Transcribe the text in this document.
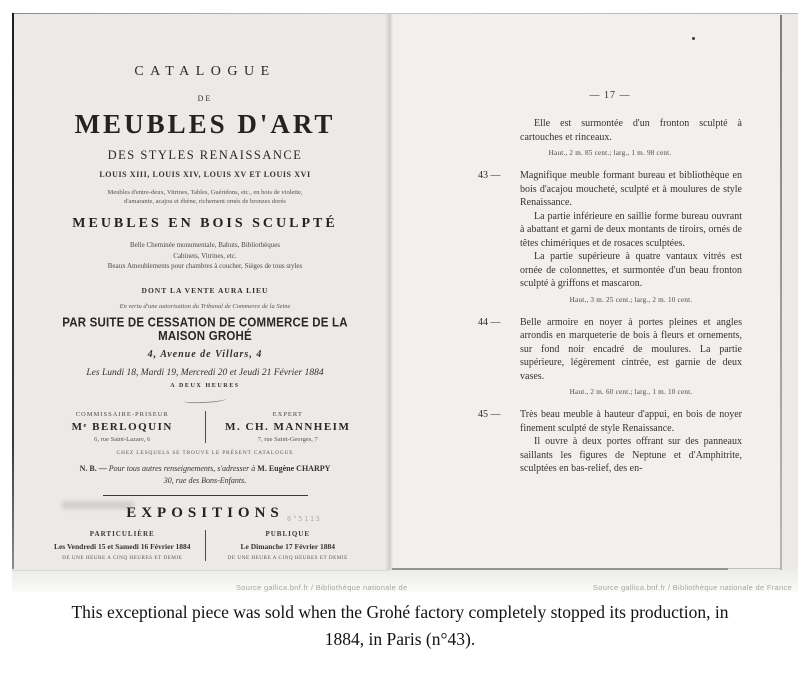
6°5113
CATALOGUE
DE
MEUBLES D'ART
DES STYLES RENAISSANCE
LOUIS XIII, LOUIS XIV, LOUIS XV ET LOUIS XVI
Meubles d'entre-deux, Vitrines, Tables, Guéridons, etc., en bois de violette,
d'amarante, acajou et ébène, richement ornés de bronzes dorés
MEUBLES EN BOIS SCULPTÉ
Belle Cheminée monumentale, Bahuts, Bibliothèques
Cabinets, Vitrines, etc.
Beaux Ameublements pour chambres à coucher, Sièges de tous styles
DONT LA VENTE AURA LIEU
En vertu d'une autorisation du Tribunal de Commerce de la Seine
PAR SUITE DE CESSATION DE COMMERCE DE LA MAISON GROHÉ
4, Avenue de Villars, 4
Les Lundi 18, Mardi 19, Mercredi 20 et Jeudi 21 Février 1884
A DEUX HEURES
COMMISSAIRE-PRISEUR
Mᵉ BERLOQUIN
6, rue Saint-Lazare, 6
EXPERT
M. CH. MANNHEIM
7, rue Saint-Georges, 7
CHEZ LESQUELS SE TROUVE LE PRÉSENT CATALOGUE
N. B. — Pour tous autres renseignements, s'adresser à M. Eugène CHARPY
30, rue des Bons-Enfants.
EXPOSITIONS
PARTICULIÈRE
Les Vendredi 15 et Samedi 16 Février 1884
DE UNE HEURE A CINQ HEURES ET DEMIE
PUBLIQUE
Le Dimanche 17 Février 1884
DE UNE HEURE A CINQ HEURES ET DEMIE
— 17 —
Elle est surmontée d'un fronton sculpté à cartouches et rinceaux.
Haut., 2 m. 85 cent.; larg., 1 m. 98 cent.
43 — Magnifique meuble formant bureau et bibliothèque en bois d'acajou moucheté, sculpté et à moulures de style Renaissance.

La partie inférieure en saillie forme bureau ouvrant à abattant et garni de deux montants de tiroirs, ornés de têtes chimériques et de rosaces sculptées.

La partie supérieure à quatre vantaux vitrés est ornée de colonnettes, et surmontée d'un beau fronton sculpté à griffons et mascaron.

Haut., 3 m. 25 cent.; larg., 2 m. 10 cent.
44 — Belle armoire en noyer à portes pleines et angles arrondis en marqueterie de bois à fleurs et ornements, sur fond noir encadré de moulures. La partie supérieure, légèrement cintrée, est garnie de deux vases.

Haut., 2 m. 60 cent.; larg., 1 m. 10 cent.
45 — Très beau meuble à hauteur d'appui, en bois de noyer finement sculpté de style Renaissance.

Il ouvre à deux portes offrant sur des panneaux saillants les figures de Neptune et d'Amphitrite, sculptées en bas-relief, des en-

Source gallica.bnf.fr / Bibliothèque nationale de	Source gallica.bnf.fr / Bibliothèque nationale de France
This exceptional piece was sold when the Grohé factory completely stopped its production, in 1884, in Paris (n°43).
